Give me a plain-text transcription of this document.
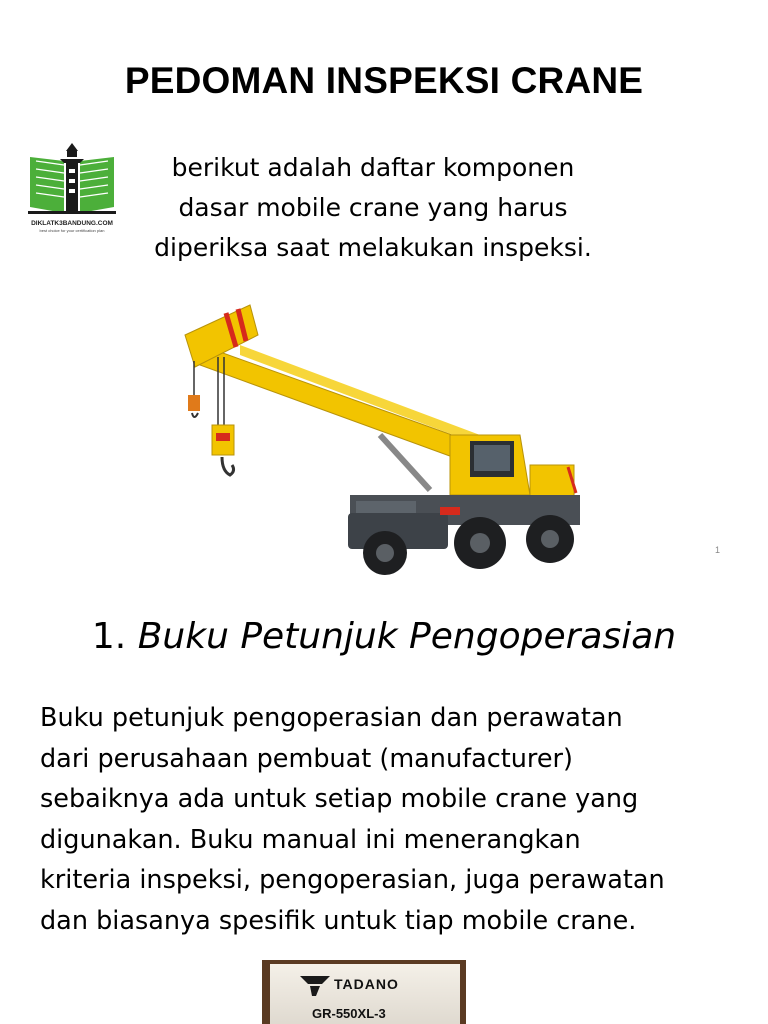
PEDOMAN INSPEKSI CRANE
DIKLATK3BANDUNG.COM
best choice for your certification plan
berikut adalah daftar komponen
dasar mobile crane yang harus
diperiksa saat melakukan inspeksi.
1
1. Buku Petunjuk Pengoperasian
Buku petunjuk pengoperasian dan perawatan
dari perusahaan pembuat (manufacturer)
sebaiknya ada untuk setiap mobile crane yang
digunakan. Buku manual ini menerangkan
kriteria inspeksi, pengoperasian, juga perawatan
dan biasanya spesifik untuk tiap mobile crane.
TADANO
GR-550XL-3
